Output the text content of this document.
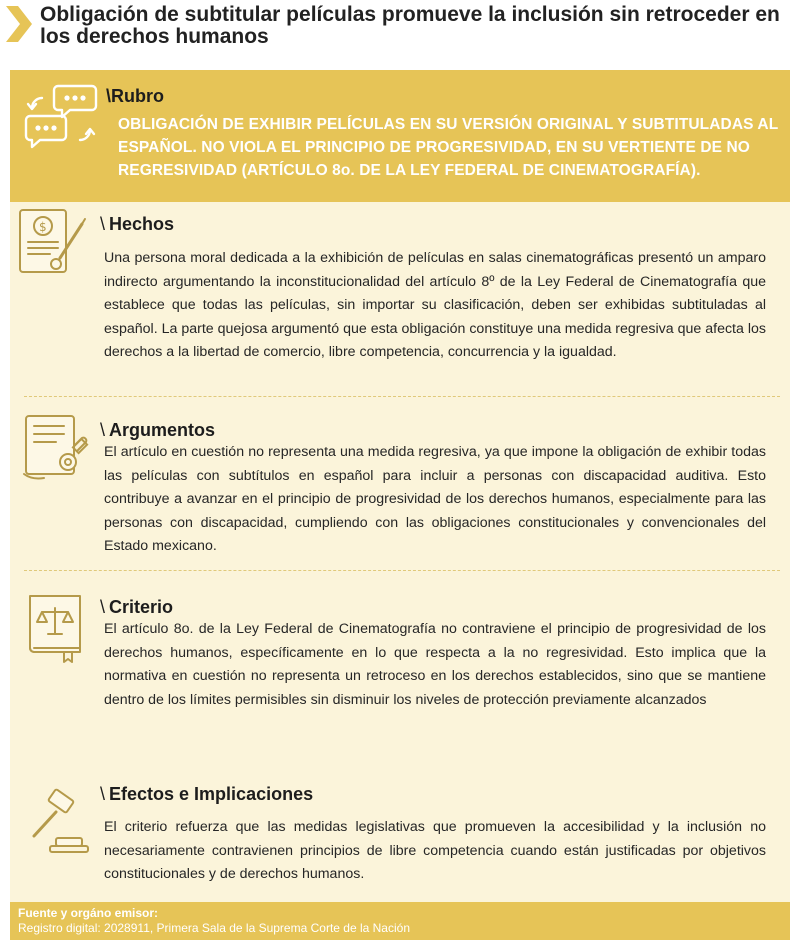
Obligación de subtitular películas promueve la inclusión sin retroceder en los derechos humanos
\Rubro
OBLIGACIÓN DE EXHIBIR PELÍCULAS EN SU VERSIÓN ORIGINAL Y SUBTITULADAS AL ESPAÑOL. NO VIOLA EL PRINCIPIO DE PROGRESIVIDAD, EN SU VERTIENTE DE NO REGRESIVIDAD (ARTÍCULO 8o. DE LA LEY FEDERAL DE CINEMATOGRAFÍA).
$	\ Hechos

Una persona moral dedicada a la exhibición de películas en salas cinematográficas presentó un amparo indirecto argumentando la inconstitucionalidad del artículo 8º de la Ley Federal de Cinematografía que establece que todas las películas, sin importar su clasificación, deben ser exhibidas subtituladas al español. La parte quejosa argumentó que esta obligación constituye una medida regresiva que afecta los derechos a la libertad de comercio, libre competencia, concurrencia y la igualdad.

\ Argumentos

El artículo en cuestión no representa una medida regresiva, ya que impone la obligación de exhibir todas las películas con subtítulos en español para incluir a personas con discapacidad auditiva. Esto contribuye a avanzar en el principio de progresividad de los derechos humanos, especialmente para las personas con discapacidad, cumpliendo con las obligaciones constitucionales y convencionales del Estado mexicano.

\ Criterio

El artículo 8o. de la Ley Federal de Cinematografía no contraviene el principio de progresividad de los derechos humanos, específicamente en lo que respecta a la no regresividad. Esto implica que la normativa en cuestión no representa un retroceso en los derechos establecidos, sino que se mantiene dentro de los límites permisibles sin disminuir los niveles de protección previamente alcanzados

\ Efectos e Implicaciones

El criterio refuerza que las medidas legislativas que promueven la accesibilidad y la inclusión no necesariamente contravienen principios de libre competencia cuando están justificadas por objetivos constitucionales y de derechos humanos.

Fuente y orgáno emisor:
Registro digital: 2028911, Primera Sala de la Suprema Corte de la Nación
